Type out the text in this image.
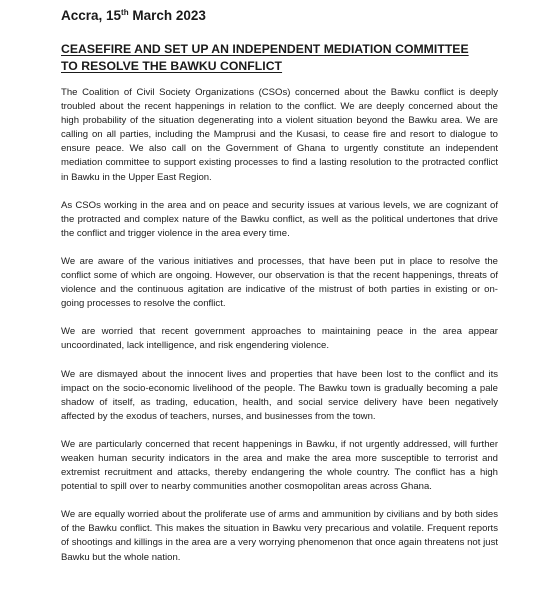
Accra, 15th March 2023

CEASEFIRE AND SET UP AN INDEPENDENT MEDIATION COMMITTEE
TO RESOLVE THE BAWKU CONFLICT

The Coalition of Civil Society Organizations (CSOs) concerned about the Bawku conflict is deeply troubled about the recent happenings in relation to the conflict. We are deeply concerned about the high probability of the situation degenerating into a violent situation beyond the Bawku area. We are calling on all parties, including the Mamprusi and the Kusasi, to cease fire and resort to dialogue to ensure peace. We also call on the Government of Ghana to urgently constitute an independent mediation committee to support existing processes to find a lasting resolution to the protracted conflict in Bawku in the Upper East Region.

As CSOs working in the area and on peace and security issues at various levels, we are cognizant of the protracted and complex nature of the Bawku conflict, as well as the political undertones that drive the conflict and trigger violence in the area every time.

We are aware of the various initiatives and processes, that have been put in place to resolve the conflict some of which are ongoing. However, our observation is that the recent happenings, threats of violence and the continuous agitation are indicative of the mistrust of both parties in existing or on-going processes to resolve the conflict.

We are worried that recent government approaches to maintaining peace in the area appear uncoordinated, lack intelligence, and risk engendering violence.

We are dismayed about the innocent lives and properties that have been lost to the conflict and its impact on the socio-economic livelihood of the people. The Bawku town is gradually becoming a pale shadow of itself, as trading, education, health, and social service delivery have been negatively affected by the exodus of teachers, nurses, and businesses from the town.

We are particularly concerned that recent happenings in Bawku, if not urgently addressed, will further weaken human security indicators in the area and make the area more susceptible to terrorist and extremist recruitment and attacks, thereby endangering the whole country. The conflict has a high potential to spill over to nearby communities another cosmopolitan areas across Ghana.

We are equally worried about the proliferate use of arms and ammunition by civilians and by both sides of the Bawku conflict. This makes the situation in Bawku very precarious and volatile. Frequent reports of shootings and killings in the area are a very worrying phenomenon that once again threatens not just Bawku but the whole nation.
